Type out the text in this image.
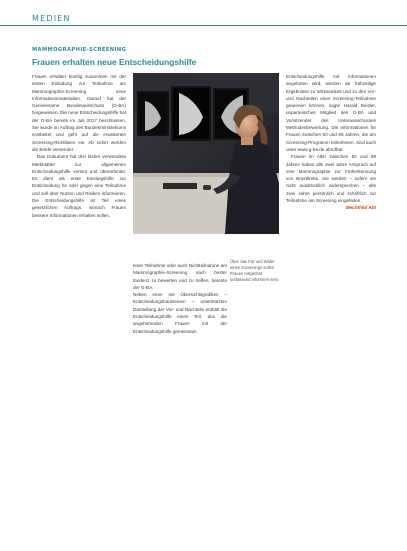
MEDIEN
MAMMOGRAPHIE-SCREENING
Frauen erhalten neue Entscheidungshilfe

Frauen erhalten künftig zusammen mit der ersten Einladung zur Teilnahme am Mammographie-Screening neue Informationsmaterialien. Darauf hat der Gemeinsame Bundesausschuss (G-BA) hingewiesen. Die neue Entscheidungshilfe hat der G-BA bereits im Juli 2017 beschlossen. Sie wurde im Auftrag des Bundesministeriums erarbeitet und geht auf die erweiterten Screening-Richtlinien ein. Ab sofort werden die Briefe versendet.

Das Dokument hat drei bisher verwendete Merkblätter zur allgemeinen Entscheidungshilfe vereint und überarbeitet. Es dient als erste Einstiegshilfe zur Entscheidung für oder gegen eine Teilnahme und soll über Nutzen und Risiken informieren. Die Entscheidungshilfe ist Teil eines gesetzlichen Auftrags, wonach Frauen bessere Informationen erhalten sollen.

einer Teilnahme oder auch Nichtteilnahme am Mammographie-Screening nach bester Evidenz zu bewerten und zu treffen, betonte der G-BA.
Neben einer mit Übersichtsgrafiken – Entscheidungsbausteinen – unterstützten Darstellung der Vor- und Nachteile enthält die Entscheidungshilfe einen Teil, den die angehörenden Frauen mit der Entscheidungshilfe gemeinsam

Über das Für und Wider eines Screenings sollen Frauen möglichst umfassend informiert sein.

Entscheidungshilfe mit Informationen angeboten wird, werden wir frühzeitige Ergebnisse zu Wirksamkeit und zu den Vor- und Nachteilen einer Screening-Teilnahme gewinnen können, sagte Harald Deisler, unparteiisches Mitglied des G-BA und Vorsitzender des Unterausschusses Methodenbewertung. Die Informationen für Frauen zwischen 50 und 69 Jahren, die am Screening-Programm teilnehmen, sind auch unter www.g-ba.de abrufbar.

Frauen im Alter zwischen 50 und 69 Jahren haben alle zwei Jahre Anspruch auf eine Mammographie zur Früherkennung von Brustkrebs. Sie werden – sofern sie nicht ausdrücklich widersprechen – alle zwei Jahre persönlich und schriftlich zur Teilnahme am Screening eingeladen.

Mechthild Abt
